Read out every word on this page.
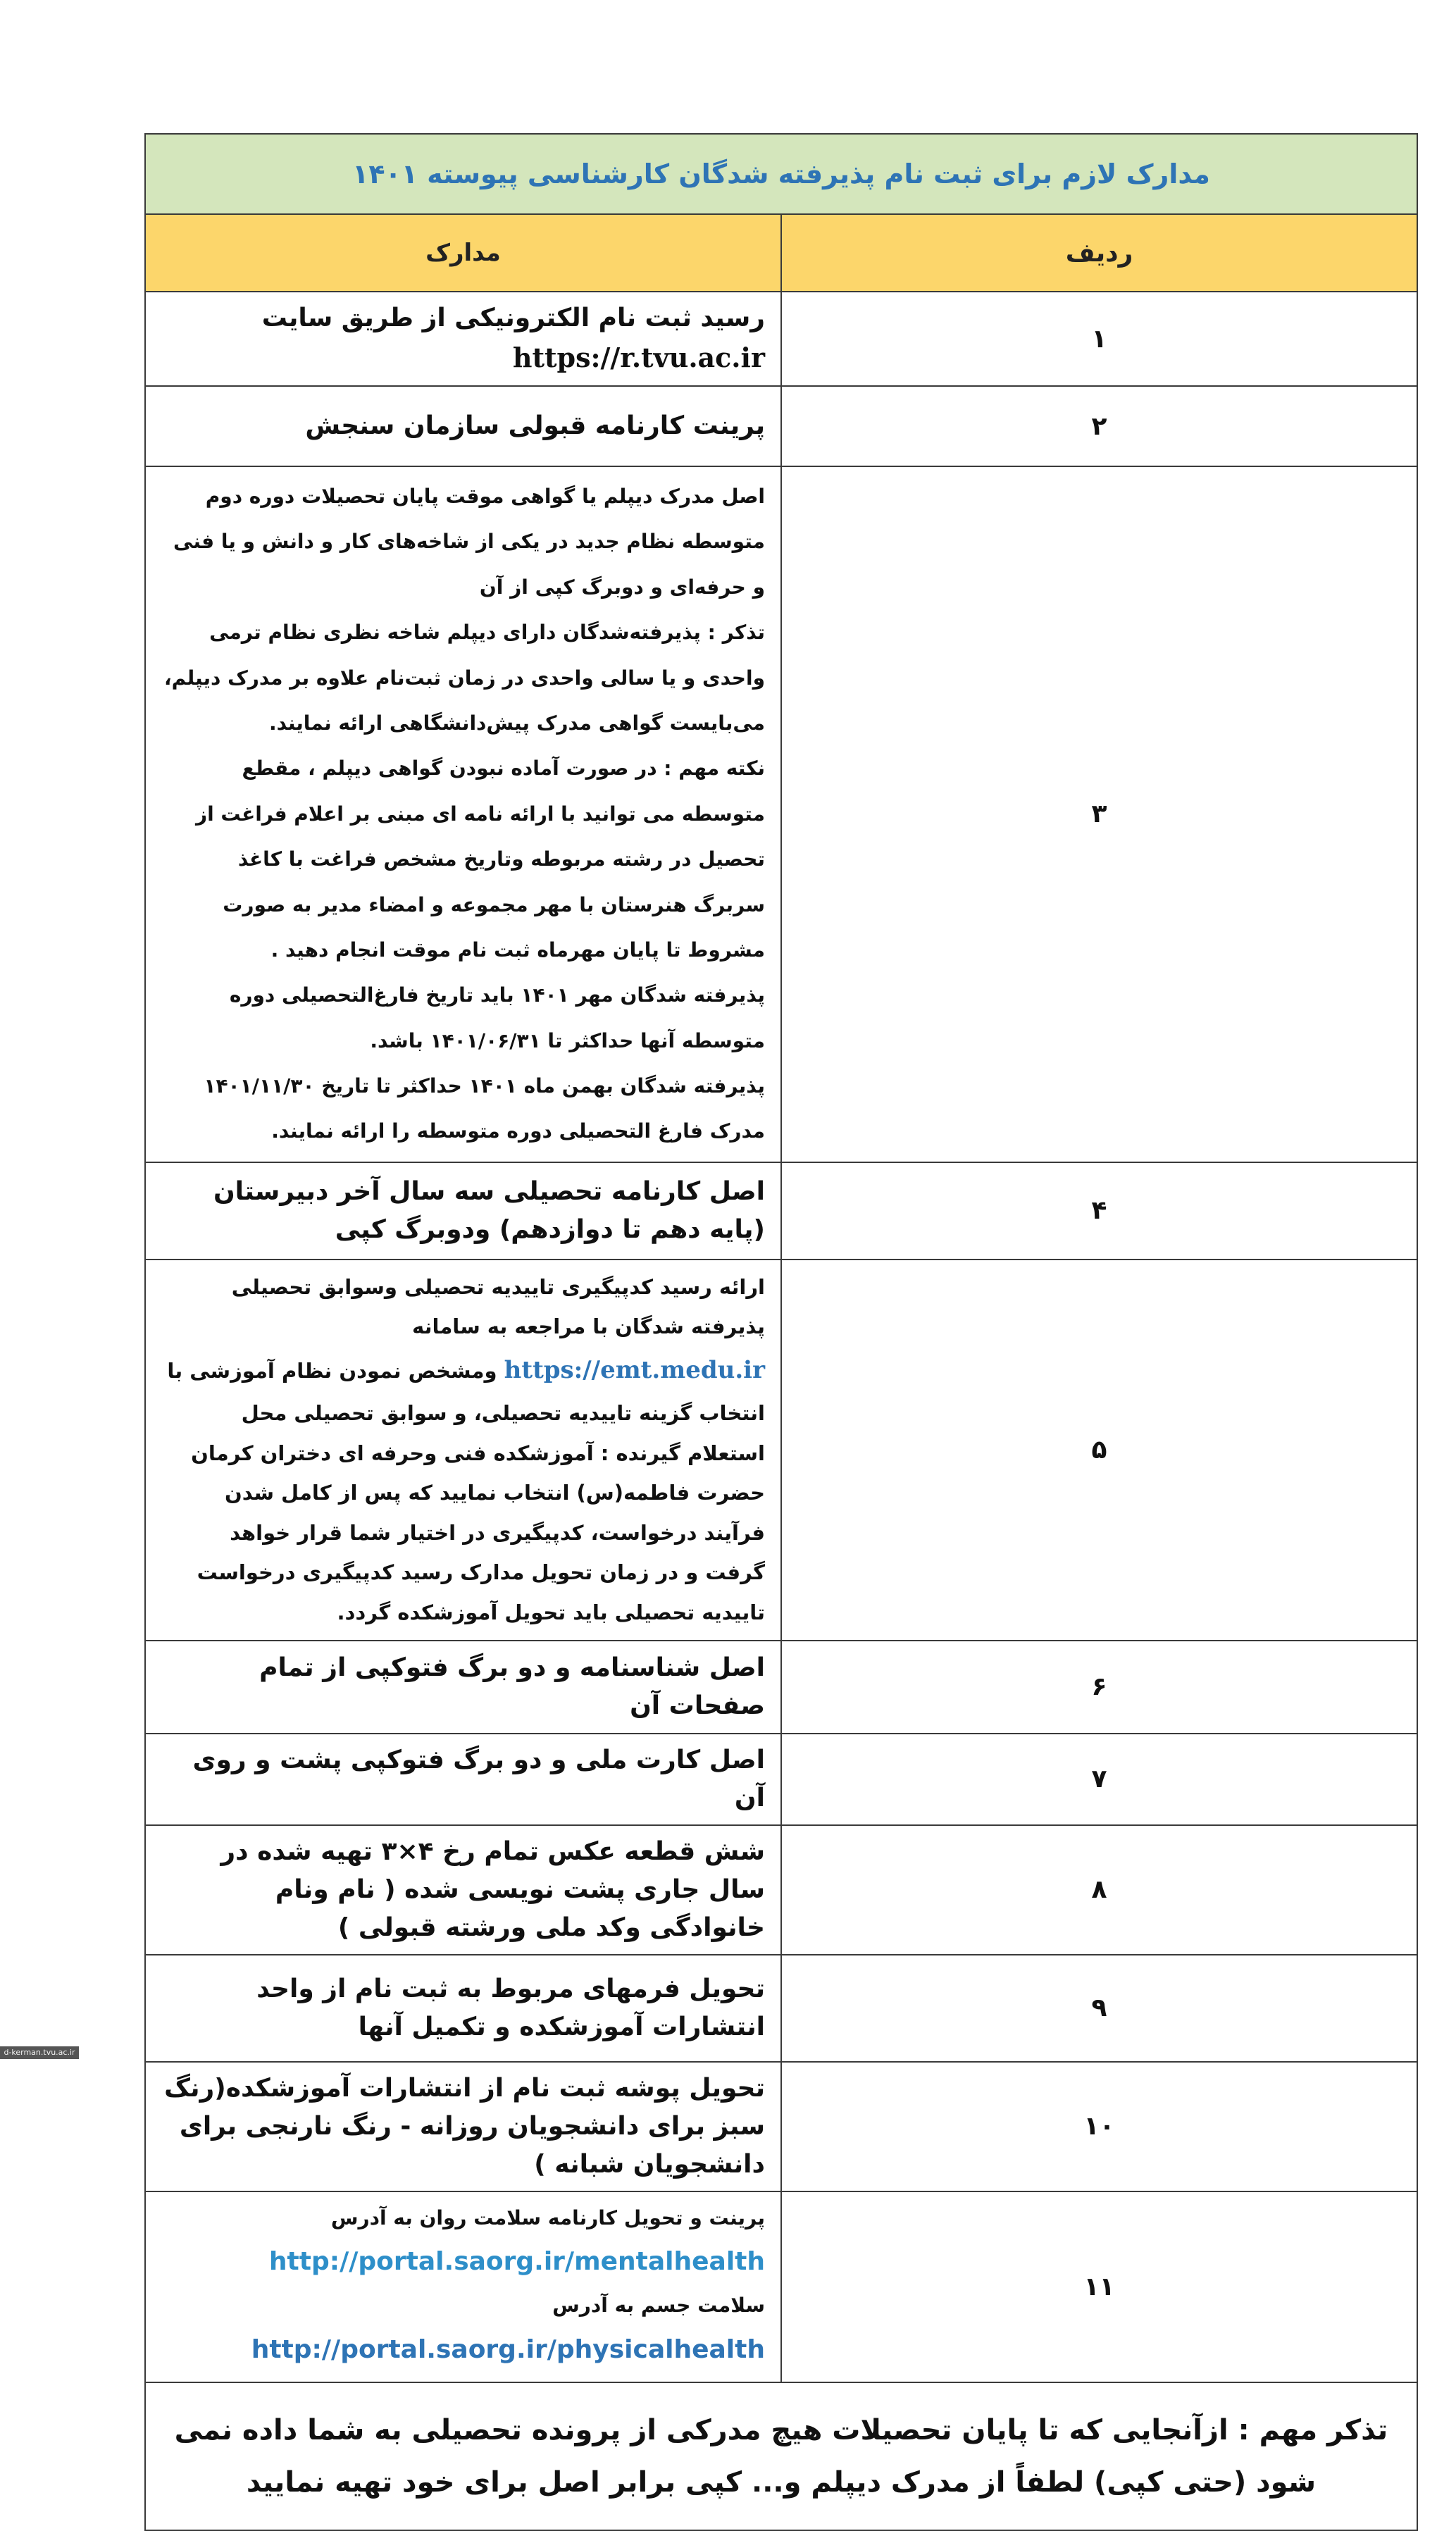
مدارک لازم برای ثبت نام پذیرفته شدگان کارشناسی پیوسته ۱۴۰۱	
ردیف	مدارک
۱	رسید ثبت نام الکترونیکی از طریق سایتhttps://r.tvu.ac.ir
۲	پرینت کارنامه قبولی سازمان سنجش
۳	اصل مدرک دیپلم یا گواهی موقت پایان تحصیلات دوره دوم متوسطه نظام جدید در یکی از شاخه‌های کار و دانش و یا فنی و حرفه‌ای و دوبرگ کپی از آن
تذکر : پذیرفته‌شدگان دارای دیپلم شاخه نظری نظام ترمی واحدی و یا سالی واحدی در زمان ثبت‌نام علاوه بر مدرک دیپلم، می‌بایست گواهی مدرک پیش‌دانشگاهی ارائه نمایند.
نکته مهم : در صورت آماده نبودن گواهی دیپلم ، مقطع متوسطه می توانید با ارائه نامه ای مبنی بر اعلام فراغت از تحصیل در رشته مربوطه وتاریخ مشخص فراغت با کاغذ سربرگ هنرستان با مهر مجموعه و امضاء مدیر به صورت مشروط تا پایان مهرماه ثبت نام موقت انجام دهید .
پذیرفته شدگان مهر ۱۴۰۱ باید تاریخ فارغ‌التحصیلی دوره متوسطه آنها حداکثر تا ۱۴۰۱/۰۶/۳۱ باشد.
پذیرفته شدگان بهمن ماه ۱۴۰۱ حداکثر تا تاریخ ۱۴۰۱/۱۱/۳۰ مدرک فارغ التحصیلی دوره متوسطه را ارائه نمایند.

۴	اصل کارنامه تحصیلی سه سال آخر دبیرستان (پایه دهم تا دوازدهم) ودوبرگ کپی
۵	ارائه رسید کدپیگیری تاییدیه تحصیلی وسوابق تحصیلی پذیرفته شدگان با مراجعه به سامانهhttps://emt.medu.ir ومشخص نمودن نظام آموزشی با انتخاب گزینه تاییدیه تحصیلی، و سوابق تحصیلی محل استعلام گیرنده : آموزشکده فنی وحرفه ای دختران کرمان حضرت فاطمه(س) انتخاب نمایید که پس از کامل شدن فرآیند درخواست، کدپیگیری در اختیار شما قرار خواهد گرفت و در زمان تحویل مدارک رسید کدپیگیری درخواست تاییدیه تحصیلی باید تحویل آموزشکده گردد.
۶	اصل شناسنامه و دو برگ فتوکپی از تمام صفحات آن
۷	اصل کارت ملی و دو برگ فتوکپی پشت و روی آن
۸	شش قطعه عکس تمام رخ ۴×۳ تهیه شده در سال جاری پشت نویسی شده ( نام ونام خانوادگی وکد ملی ورشته قبولی )
۹	تحویل فرمهای مربوط به ثبت نام از واحد انتشارات آموزشکده و تکمیل آنها
۱۰	تحویل پوشه ثبت نام از انتشارات آموزشکده(رنگ سبز برای دانشجویان روزانه - رنگ نارنجی برای دانشجویان شبانه )
۱۱	پرینت و تحویل کارنامه سلامت روان به آدرسhttp://portal.saorg.ir/mentalhealth
سلامت جسم به آدرسhttp://portal.saorg.ir/physicalhealth

تذکر مهم : ازآنجایی که تا پایان تحصیلات هیچ مدرکی از پرونده تحصیلی به شما داده نمی شود (حتی کپی) لطفاً از مدرک دیپلم و... کپی برابر اصل برای خود تهیه نمایید	
d-kerman.tvu.ac.ir
